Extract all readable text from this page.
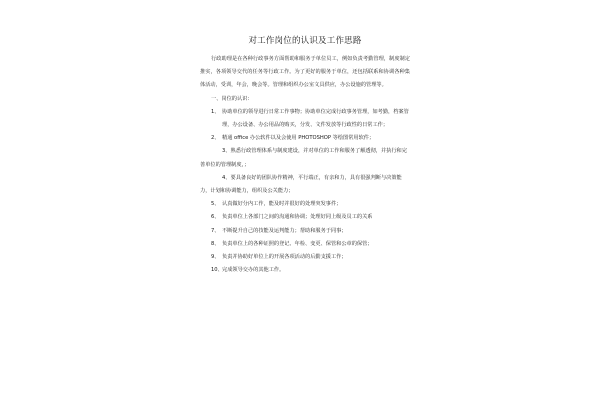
对工作岗位的认识及工作思路

行政助理是在各种行政事务方面帮助和服务于单位员工，例如负责考勤管理，制度制定推实，各项领导交代的任务等行政工作。为了更好的服务于单位，还包括联系和协调各种集体活动，受训，年会，晚会等。管理和组织办公室文具供应，办公设施的管理等。

一、岗位的认识：

1、 协助单位的领导进行日常工作事物；协助单位完成行政事务管理，如考勤，档案管理，办公设备、办公用品的购买，分发、文件发放等行政性的日常工作；
2、 精通 office 办公软件以及会使用 PHOTOSHOP 等绘图常用软件；
3、熟悉行政管理体系与制度建设，并对单位的工作和服务了解透彻，并执行和完善单位的管理制度，；
4、要具备良好的团队协作精神，平行端正，有亲和力，具有很强判断与决策能力，计划和协调能力，组织及公关能力；
5、 认真做好分内工作，能及时并很好的处理突发事件；
6、 负责单位上各部门之间的沟通和协调；处理好同上级及员工的关系
7、 不断提升自己的技能及运判能力；帮助和服务于同事；
8、 负责单位上的各种证照的登记、年检、变更、保管和公章的保管；
9、 负责并协助好单位上的开展各项活动的后勤支援工作；
10、 完成领导交办的其他工作。
